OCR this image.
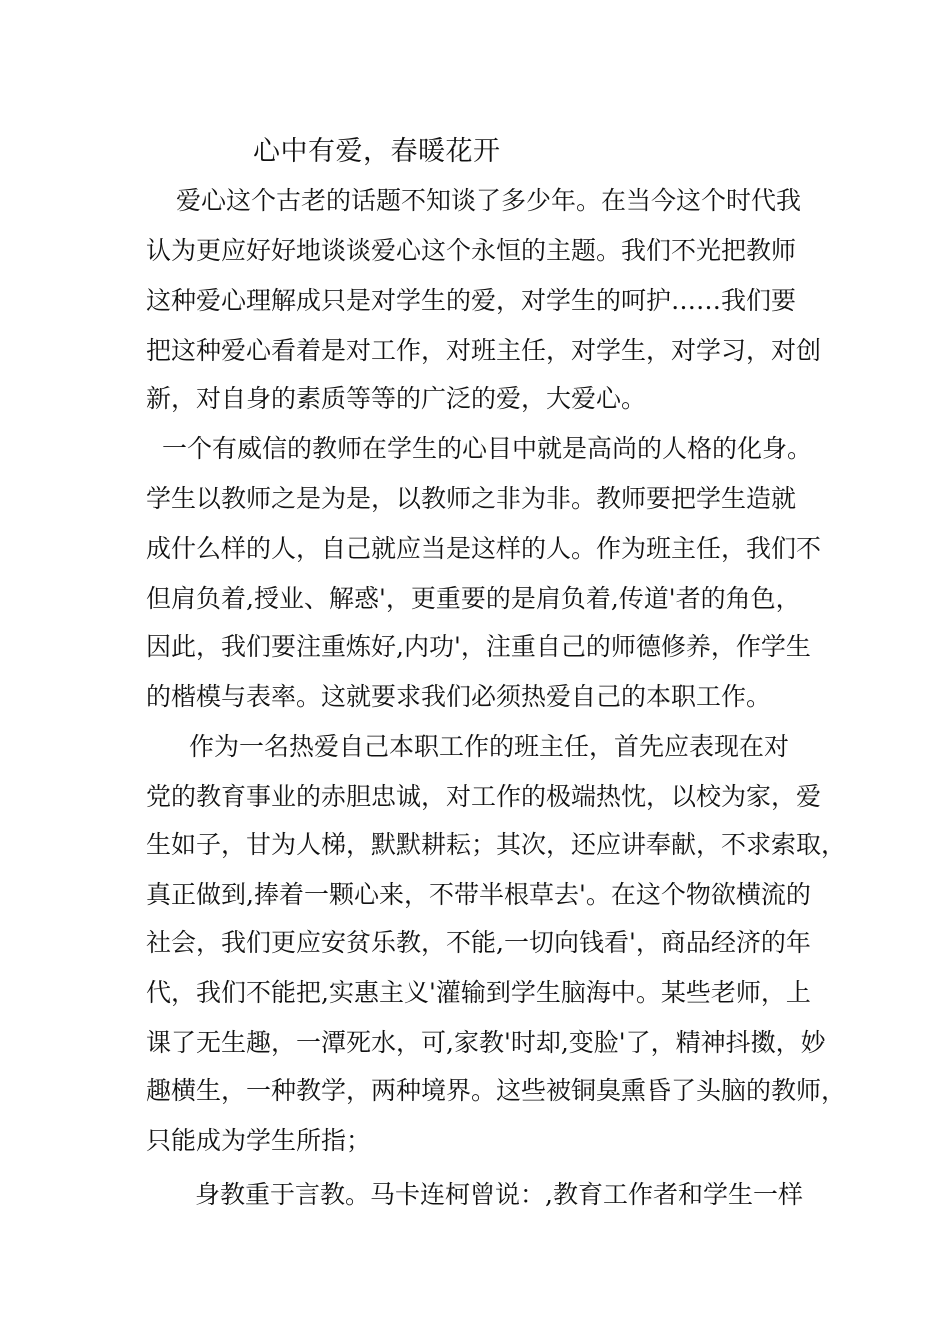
心中有爱，春暖花开
爱心这个古老的话题不知谈了多少年。在当今这个时代我
认为更应好好地谈谈爱心这个永恒的主题。我们不光把教师
这种爱心理解成只是对学生的爱，对学生的呵护……我们要
把这种爱心看着是对工作，对班主任，对学生，对学习，对创
新，对自身的素质等等的广泛的爱，大爱心。
一个有威信的教师在学生的心目中就是高尚的人格的化身。
学生以教师之是为是，以教师之非为非。教师要把学生造就
成什么样的人，自己就应当是这样的人。作为班主任，我们不
但肩负着,授业、解惑'，更重要的是肩负着,传道'者的角色，
因此，我们要注重炼好,内功'，注重自己的师德修养，作学生
的楷模与表率。这就要求我们必须热爱自己的本职工作。
作为一名热爱自己本职工作的班主任，首先应表现在对
党的教育事业的赤胆忠诚，对工作的极端热忱，以校为家，爱
生如子，甘为人梯，默默耕耘；其次，还应讲奉献，不求索取，
真正做到,捧着一颗心来，不带半根草去'。在这个物欲横流的
社会，我们更应安贫乐教，不能,一切向钱看'，商品经济的年
代，我们不能把,实惠主义'灌输到学生脑海中。某些老师，上
课了无生趣，一潭死水，可,家教'时却,变脸'了，精神抖擞，妙
趣横生，一种教学，两种境界。这些被铜臭熏昏了头脑的教师，
只能成为学生所指；
身教重于言教。马卡连柯曾说：,教育工作者和学生一样
